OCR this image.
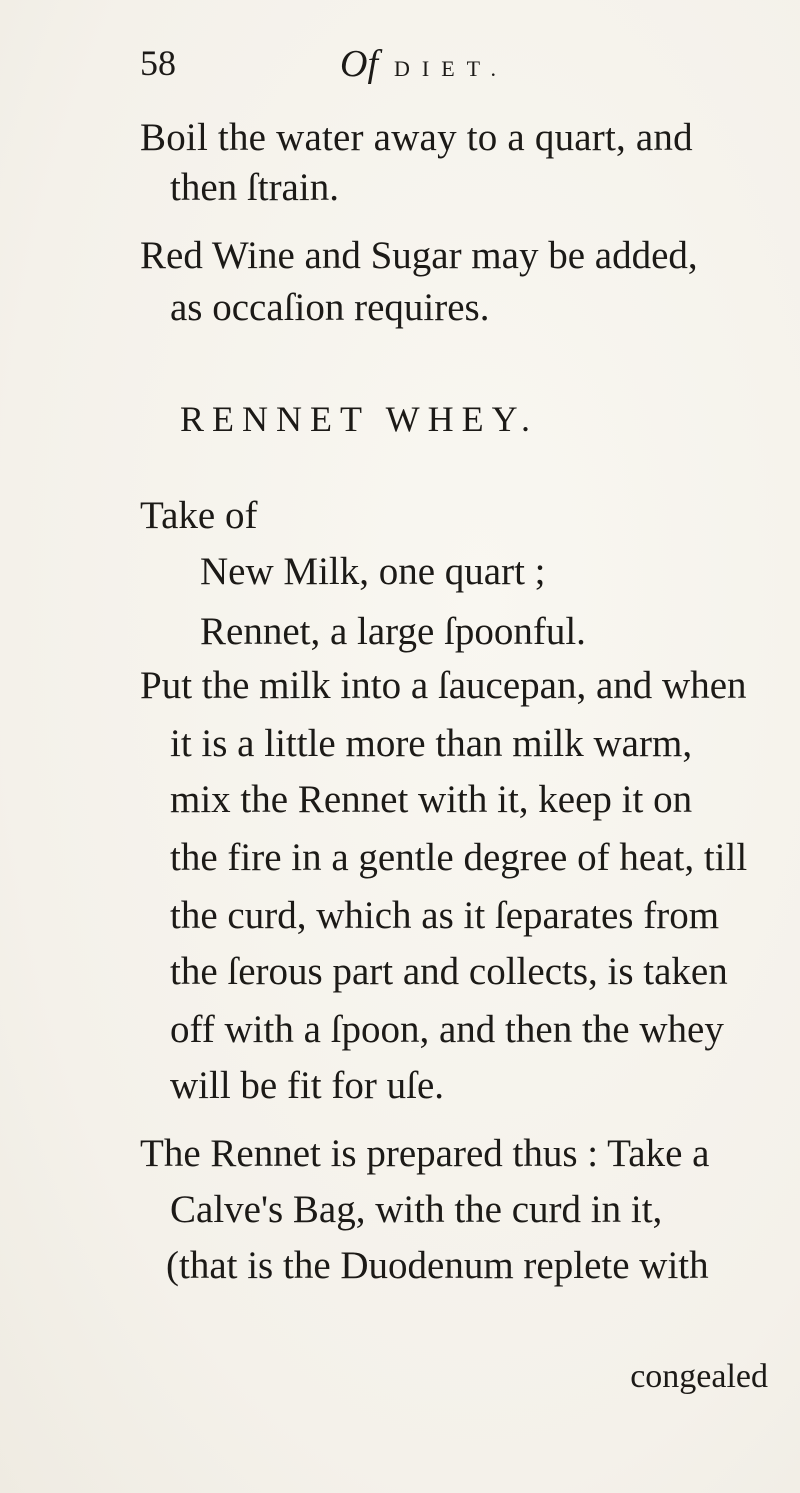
58	Of DIET.
Boil the water away to a quart, and
then ſtrain.
Red Wine and Sugar may be added,
as occaſion requires.
RENNET WHEY.
Take of
New Milk, one quart ;
Rennet, a large ſpoonful.
Put the milk into a ſaucepan, and when
it is a little more than milk warm,
mix the Rennet with it, keep it on
the fire in a gentle degree of heat, till
the curd, which as it ſeparates from
the ſerous part and collects, is taken
off with a ſpoon, and then the whey
will be fit for uſe.
The Rennet is prepared thus : Take a
Calve's Bag, with the curd in it,
(that is the Duodenum replete with
congealed
